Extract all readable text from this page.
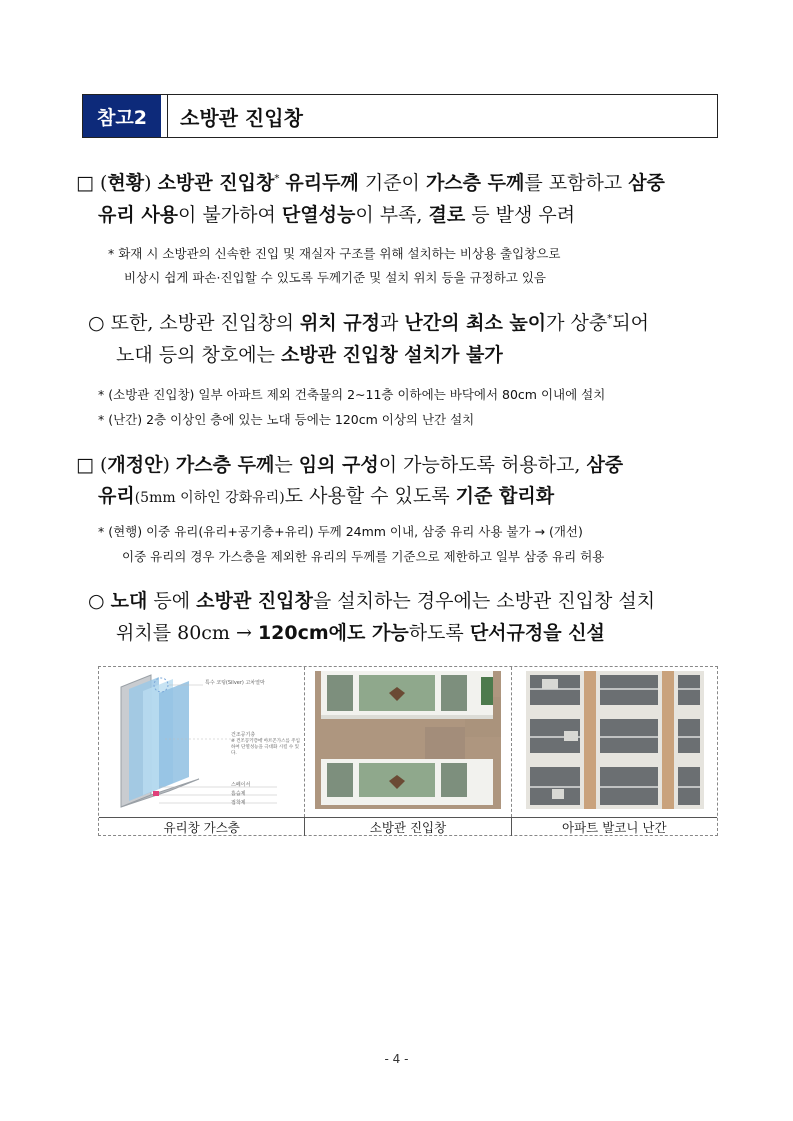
참고2	소방관 진입창
□ (현황) 소방관 진입창* 유리두께 기준이 가스층 두께를 포함하고 삼중
유리 사용이 불가하여 단열성능이 부족, 결로 등 발생 우려
* 화재 시 소방관의 신속한 진입 및 재실자 구조를 위해 설치하는 비상용 출입창으로
비상시 쉽게 파손·진입할 수 있도록 두께기준 및 설치 위치 등을 규정하고 있음
○ 또한, 소방관 진입창의 위치 규정과 난간의 최소 높이가 상충*되어
노대 등의 창호에는 소방관 진입창 설치가 불가
* (소방관 진입창) 일부 아파트 제외 건축물의 2∼11층 이하에는 바닥에서 80cm 이내에 설치
* (난간) 2층 이상인 층에 있는 노대 등에는 120cm 이상의 난간 설치
□ (개정안) 가스층 두께는 임의 구성이 가능하도록 허용하고, 삼중
유리(5mm 이하인 강화유리)도 사용할 수 있도록 기준 합리화
* (현행) 이중 유리(유리+공기층+유리) 두께 24mm 이내, 삼중 유리 사용 불가 → (개선)
이중 유리의 경우 가스층을 제외한 유리의 두께를 기준으로 제한하고 일부 삼중 유리 허용
○ 노대 등에 소방관 진입창을 설치하는 경우에는 소방관 진입창 설치
위치를 80cm → 120cm에도 가능하도록 단서규정을 신설
특수 코팅(Silver) 고차열막
건조공기층
※ 건조공기층에 아르곤가스를 주입하여 단열성능을 극대화 시킬 수 있다.
스페이서
흡습제
접착제
유리창 가스층	소방관 진입창	아파트 발코니 난간
- 4 -
